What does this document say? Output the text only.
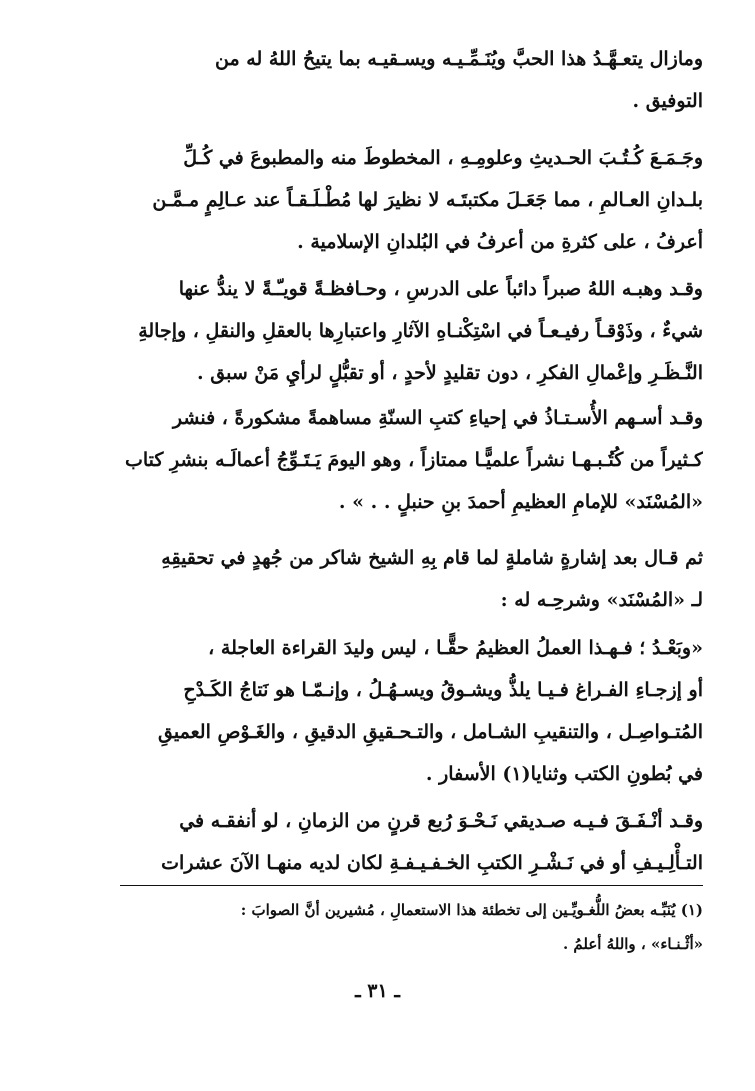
ومازال يتعـهَّـدُ هذا الحبَّ ويُنَـمِّـيـه ويسـقيـه بما يتيحُ اللهُ له من
التوفيق .
وجَـمَـعَ كُـتُـبَ الحـديثِ وعلومِـهِ ، المخطوطَ منه والمطبوعَ في كُـلِّ
بلـدانِ العـالمِ ، مما جَعَـلَ مكتبتَـه لا نظيرَ لها مُطْـلَـقـاً عند عـالِمٍ مـمَّـن
أعرفُ ، على كثرةِ من أعرفُ في البُلدانِ الإسلامية .
وقـد وهبـه اللهُ صبراً دائباً على الدرسِ ، وحـافظـةً قويـّـةً لا يندُّ عنها
شيءٌ ، وذَوْقـاً رفيـعـاً في اسْتِكْنـاهِ الآثارِ واعتبارِها بالعقلِ والنقلِ ، وإجالةِ
النَّـظَـرِ وإعْمالِ الفكرِ ، دون تقليدٍ لأحدٍ ، أو تقبُّلٍ لرأيِ مَنْ سبق .
وقـد أسـهم الأُسـتـاذُ في إحياءِ كتبِ السنّةِ مساهمةً مشكورةً ، فنشر
كـثيراً من كُتُـبـهـا نشراً علميًّـا ممتازاً ، وهو اليومَ يَـتَـوِّجُ أعمالَـه بنشرِ كتاب
«المُسْنَد» للإمامِ العظيمِ أحمدَ بنِ حنبلٍ . . » .
ثم قـال بعد إشارةٍ شاملةٍ لما قام بِهِ الشيخ شاكر من جُهدٍ في تحقيقِهِ
لـ «المُسْنَد» وشرحِـه له :
«وبَعْـدُ ؛ فـهـذا العملُ العظيمُ حقًّـا ، ليس وليدَ القراءة العاجلة ،
أو إزجـاءِ الفـراغ فـيـا يلذُّ ويشـوقُ ويسـهُـلُ ، وإنـمّـا هو نَتاجُ الكَـدْحِ
المُتـواصِـل ، والتنقيبِ الشـامل ، والتـحـقيقِ الدقيقِ ، والغَـوْصِ العميقِ
في بُطونِ الكتب وثنايا(١) الأسفار .
وقـد أنْـفَـقَ فـيـه صـديقي نَـحْـوَ رُبع قرنٍ من الزمانِ ، لو أنفقـه في
التـأْلِـيـفِ أو في نَـشْـرِ الكتبِ الخـفـيـفـةِ لكان لديه منهـا الآنَ عشرات
(١) يُنَبِّـه بعضُ اللُّغـويِّـين إلى تخطئة هذا الاستعمالِ ، مُشيرين أنَّ الصوابَ :
«أثْـنـاء» ، واللهُ أعلمُ .
ـ ٣١ ـ
